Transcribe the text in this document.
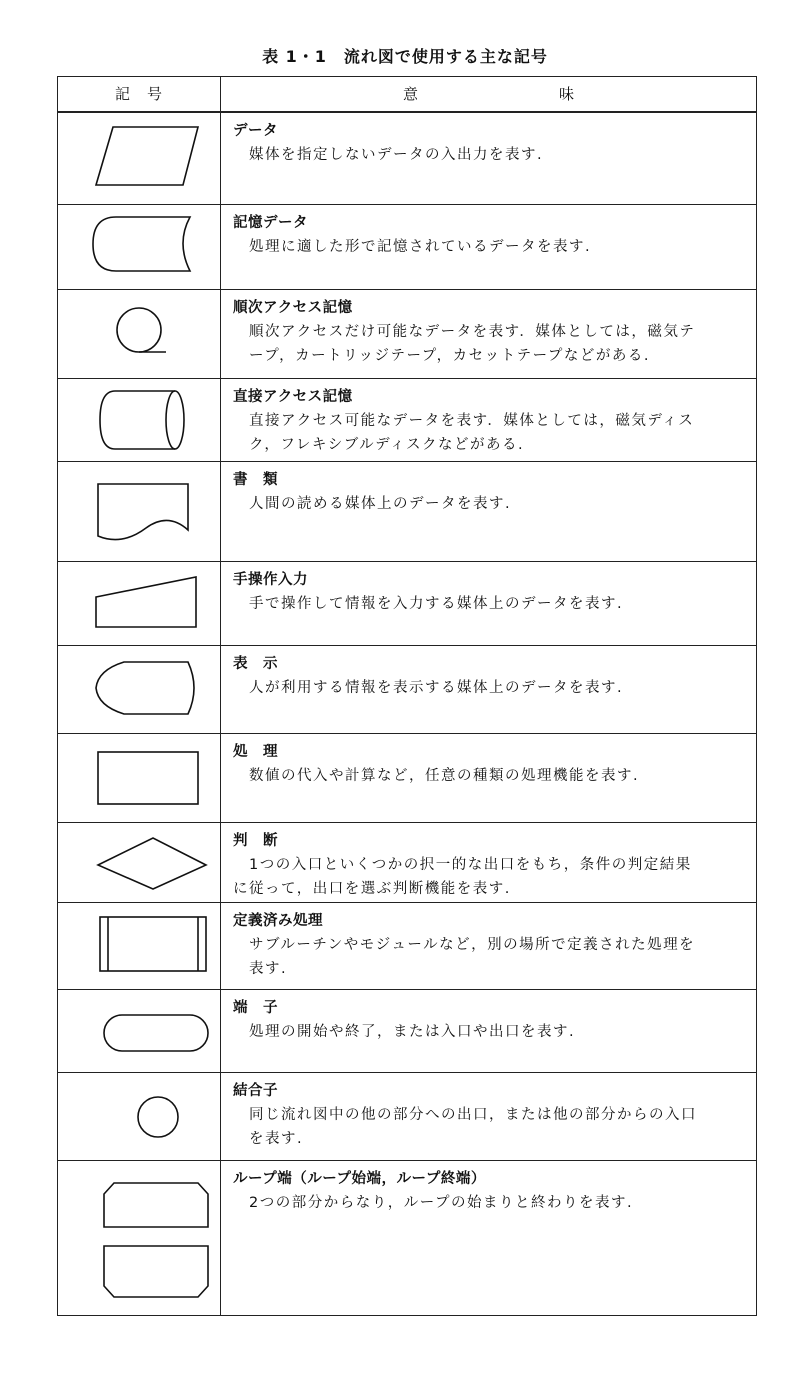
表 1・1　流れ図で使用する主な記号
記　号	意	味
データ
媒体を指定しないデータの入出力を表す.
記憶データ
処理に適した形で記憶されているデータを表す.
順次アクセス記憶
順次アクセスだけ可能なデータを表す．媒体としては，磁気テ
ープ，カートリッジテープ，カセットテープなどがある.
直接アクセス記憶
直接アクセス可能なデータを表す．媒体としては，磁気ディス
ク，フレキシブルディスクなどがある.
書　類
人間の読める媒体上のデータを表す.
手操作入力
手で操作して情報を入力する媒体上のデータを表す.
表　示
人が利用する情報を表示する媒体上のデータを表す.
処　理
数値の代入や計算など，任意の種類の処理機能を表す.
判　断
1つの入口といくつかの択一的な出口をもち，条件の判定結果
に従って，出口を選ぶ判断機能を表す.
定義済み処理
サブルーチンやモジュールなど，別の場所で定義された処理を
表す.
端　子
処理の開始や終了，または入口や出口を表す.
結合子
同じ流れ図中の他の部分への出口，または他の部分からの入口
を表す.
ループ端（ループ始端，ループ終端）
2つの部分からなり，ループの始まりと終わりを表す.
